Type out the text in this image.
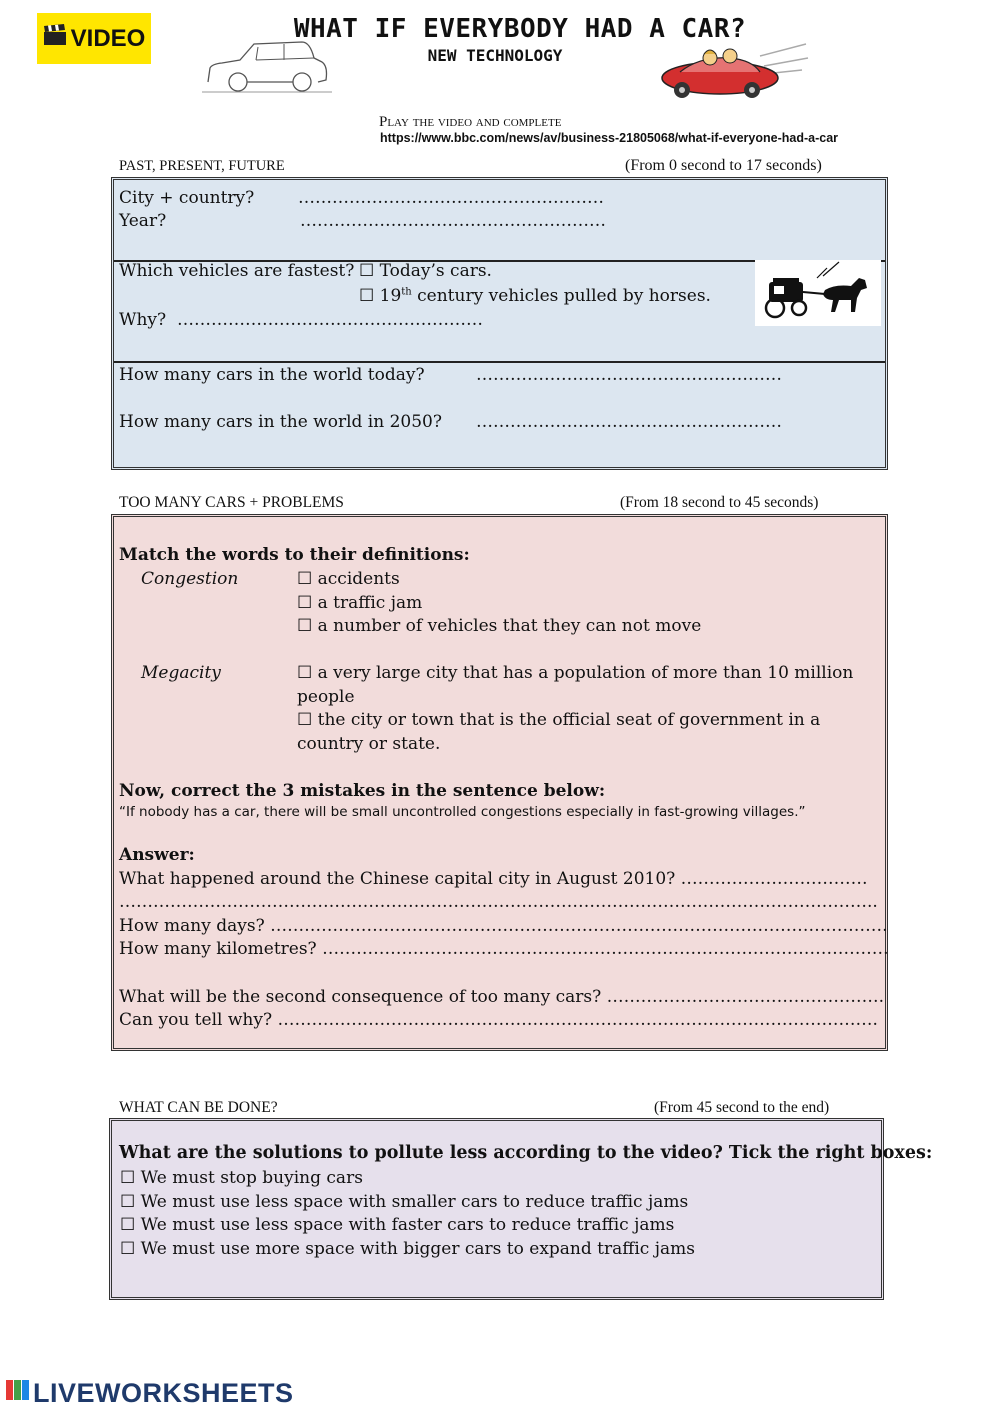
VIDEO	WHAT IF EVERYBODY HAD A CAR?
NEW TECHNOLOGY
Play the video and complete
https://www.bbc.com/news/av/business-21805068/what-if-everyone-had-a-car
PAST, PRESENT, FUTURE	(From 0 second to 17 seconds)
City + country?	………………………………………………
Year?	………………………………………………
Which vehicles are fastest? ☐ Today’s cars.
☐ 19th century vehicles pulled by horses.
Why? ………………………………………………
How many cars in the world today?	………………………………………………
How many cars in the world in 2050? ………………………………………………
TOO MANY CARS + PROBLEMS	(From 18 second to 45 seconds)
Match the words to their definitions:
Congestion	☐ accidents
☐ a traffic jam
☐ a number of vehicles that they can not move
Megacity	☐ a very large city that has a population of more than 10 million
people
☐ the city or town that is the official seat of government in a
country or state.
Now, correct the 3 mistakes in the sentence below:
“If nobody has a car, there will be small uncontrolled congestions especially in fast-growing villages.”
Answer:
What happened around the Chinese capital city in August 2010? ……………………………
……………………………………………………………………………………………………………………..
How many days? ……………………………………………………………………………………………….
How many kilometres? ……………………………………………………………………………………….
What will be the second consequence of too many cars? ………………………………………….
Can you tell why? …………………………………………………………………………………………….
WHAT CAN BE DONE?	(From 45 second to the end)
What are the solutions to pollute less according to the video? Tick the right boxes:
☐ We must stop buying cars
☐ We must use less space with smaller cars to reduce traffic jams
☐ We must use less space with faster cars to reduce traffic jams
☐ We must use more space with bigger cars to expand traffic jams
LIVEWORKSHEETS
